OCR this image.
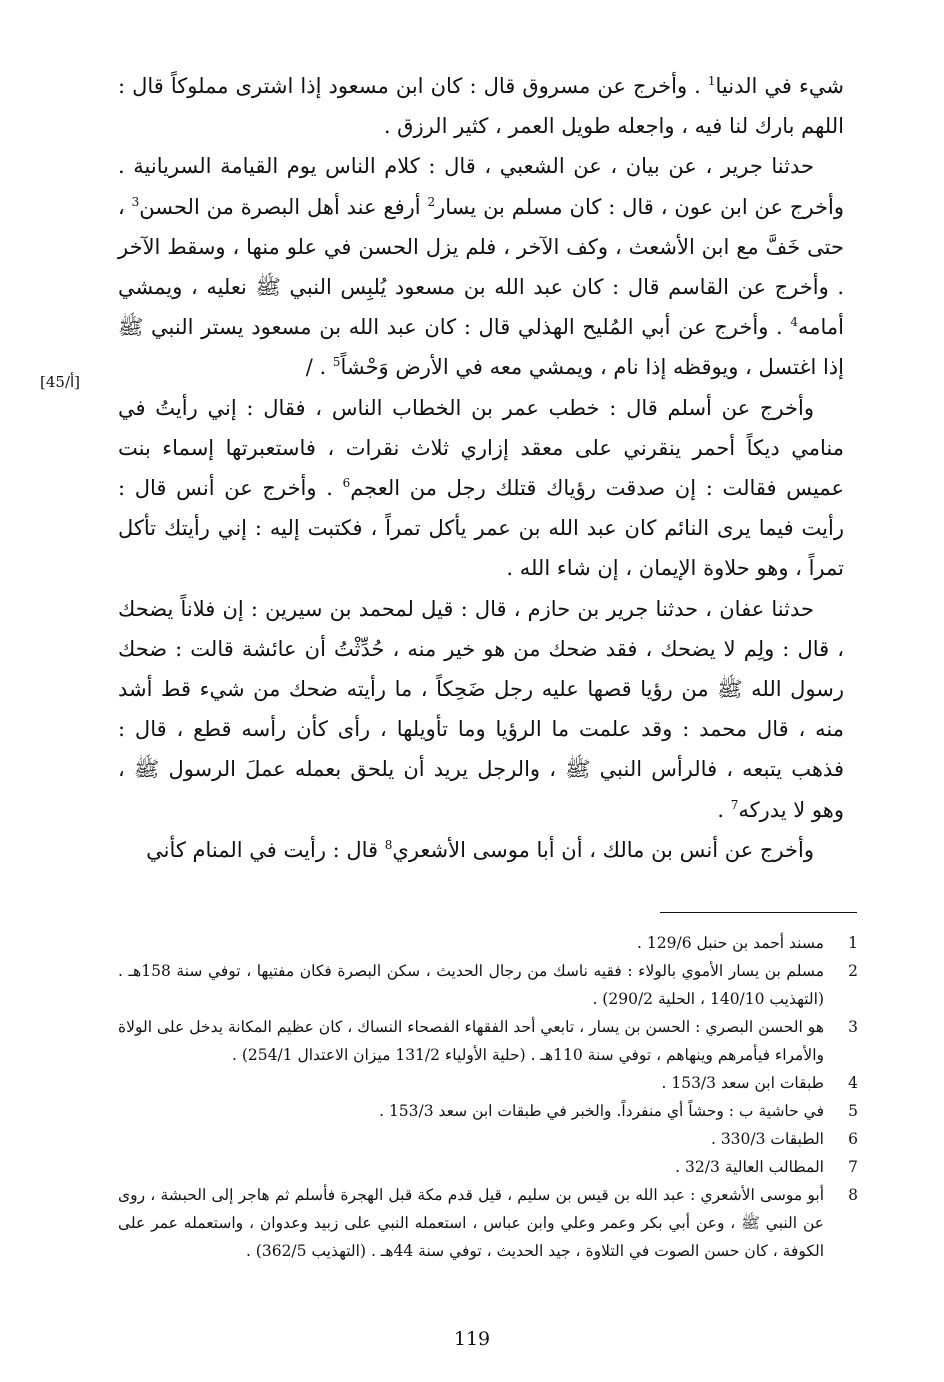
شيء في الدنيا$^1$ . وأخرج عن مسروق قال : كان ابن مسعود إذا اشترى مملوكاً قال : اللهم بارك لنا فيه ، واجعله طويل العمر ، كثير الرزق .

حدثنا جرير ، عن بيان ، عن الشعبي ، قال : كلام الناس يوم القيامة السريانية . وأخرج عن ابن عون ، قال : كان مسلم بن يسار$^2$ أرفع عند أهل البصرة من الحسن$^3$ ، حتى خَفَّ مع ابن الأشعث ، وكف الآخر ، فلم يزل الحسن في علو منها ، وسقط الآخر . وأخرج عن القاسم قال : كان عبد الله بن مسعود يُلبِس النبي ﷺ نعليه ، ويمشي أمامه$^4$ . وأخرج عن أبي المُليح الهذلي قال : كان عبد الله بن مسعود يستر النبي ﷺ إذا اغتسل ، ويوقظه إذا نام ، ويمشي معه في الأرض وَحْشاً$^5$ . /

وأخرج عن أسلم قال : خطب عمر بن الخطاب الناس ، فقال : إني رأيتُ في منامي ديكاً أحمر ينقرني على معقد إزاري ثلاث نقرات ، فاستعبرتها إسماء بنت عميس فقالت : إن صدقت رؤياك قتلك رجل من العجم$^6$ . وأخرج عن أنس قال : رأيت فيما يرى النائم كان عبد الله بن عمر يأكل تمراً ، فكتبت إليه : إني رأيتك تأكل تمراً ، وهو حلاوة الإيمان ، إن شاء الله .

حدثنا عفان ، حدثنا جرير بن حازم ، قال : قيل لمحمد بن سيرين : إن فلاناً يضحك ، قال : ولِم لا يضحك ، فقد ضحك من هو خير منه ، حُدِّثْتُ أن عائشة قالت : ضحك رسول الله ﷺ من رؤيا قصها عليه رجل ضَحِكاً ، ما رأيته ضحك من شيء قط أشد منه ، قال محمد : وقد علمت ما الرؤيا وما تأويلها ، رأى كأن رأسه قطع ، قال : فذهب يتبعه ، فالرأس النبي ﷺ ، والرجل يريد أن يلحق بعمله عملَ الرسول ﷺ ، وهو لا يدركه$^7$ .

وأخرج عن أنس بن مالك ، أن أبا موسى الأشعري$^8$ قال : رأيت في المنام كأني

[45/أ]
1
مسند أحمد بن حنبل 129/6 .
2
مسلم بن يسار الأموي بالولاء : فقيه ناسك من رجال الحديث ، سكن البصرة فكان مفتيها ، توفي سنة 158هـ . (التهذيب 140/10 ، الحلية 290/2) .
3
هو الحسن البصري : الحسن بن يسار ، تابعي أحد الفقهاء الفصحاء النساك ، كان عظيم المكانة يدخل على الولاة والأمراء فيأمرهم وينهاهم ، توفي سنة 110هـ . (حلية الأولياء 131/2 ميزان الاعتدال 254/1) .
4
طبقات ابن سعد 153/3 .
5
في حاشية ب : وحشاً أي منفرداً. والخبر في طبقات ابن سعد 153/3 .
6
الطبقات 330/3 .
7
المطالب العالية 32/3 .
8
أبو موسى الأشعري : عبد الله بن قيس بن سليم ، قيل قدم مكة قبل الهجرة فأسلم ثم هاجر إلى الحبشة ، روى عن النبي ﷺ ، وعن أبي بكر وعمر وعلي وابن عباس ، استعمله النبي على زبيد وعدوان ، واستعمله عمر على الكوفة ، كان حسن الصوت في التلاوة ، جيد الحديث ، توفي سنة 44هـ . (التهذيب 362/5) .
119
